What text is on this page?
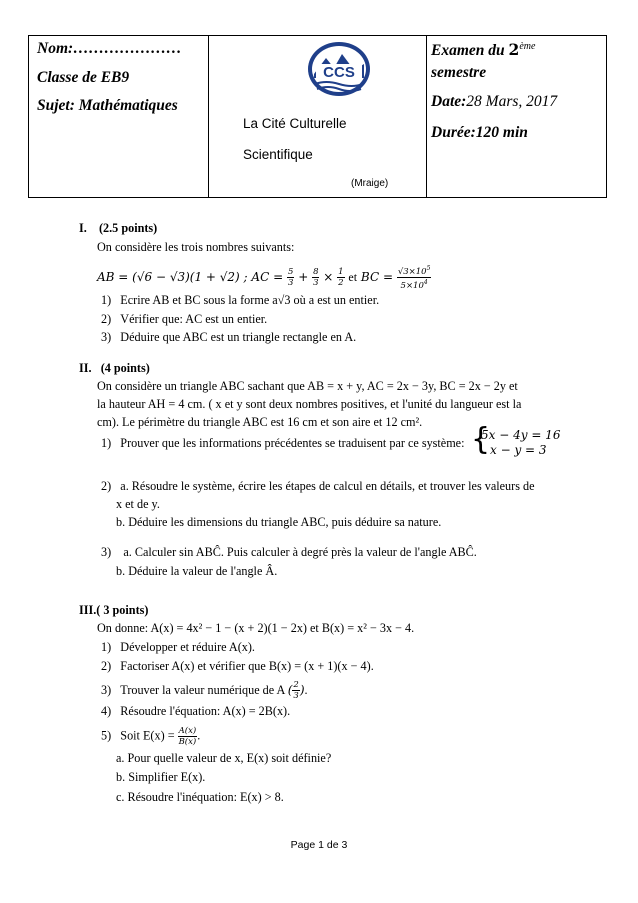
Nom:…………………
Classe de EB9
Sujet: Mathématiques
CCS
La Cité Culturelle
Scientifique
(Mraige)
Examen du 2ème
semestre
Date:28 Mars, 2017
Durée:120 min
I. (2.5 points)
On considère les trois nombres suivants:
AB = (√6 − √3)(1 + √2) ; AC = $\frac{5}{3} + \frac{8}{3} \times \frac{1}{2}$ et BC = $\frac{√3\times 10^5}{5\times 10^4}$
1)   Ecrire AB et BC sous la forme a√3 où a est un entier.
2)   Vérifier que: AC est un entier.
3)   Déduire que ABC est un triangle rectangle en A.
II. (4 points)
On considère un triangle ABC sachant que AB = x + y, AC = 2x − 3y, BC = 2x − 2y et
la hauteur AH = 4 cm. ( x et y sont deux nombres positives, et l'unité du langueur est la
cm). Le périmètre du triangle ABC est 16 cm et son aire et 12 cm².
1)   Prouver que les informations précédentes se traduisent par ce système: {
5x − 4y = 16
x − y = 3
2)   a. Résoudre le système, écrire les étapes de calcul en détails, et trouver les valeurs de
x et de y.
b. Déduire les dimensions du triangle ABC, puis déduire sa nature.
3)    a. Calculer sin ABĈ. Puis calculer à degré près la valeur de l'angle ABĈ.
b. Déduire la valeur de l'angle Â.
III.( 3 points)
On donne: A(x) = 4x² − 1 − (x + 2)(1 − 2x) et B(x) = x² − 3x − 4.
1)   Développer et réduire A(x).
2)   Factoriser A(x) et vérifier que B(x) = (x + 1)(x − 4).
3)   Trouver la valeur numérique de A ( $\frac{2}{3}$ ).
4)   Résoudre l'équation: A(x) = 2B(x).
5)   Soit $E(x) = \frac{A(x)}{B(x)}$ .
a. Pour quelle valeur de x, E(x) soit définie?
b. Simplifier E(x).
c. Résoudre l'inéquation: E(x) > 8.
Page 1 de 3
